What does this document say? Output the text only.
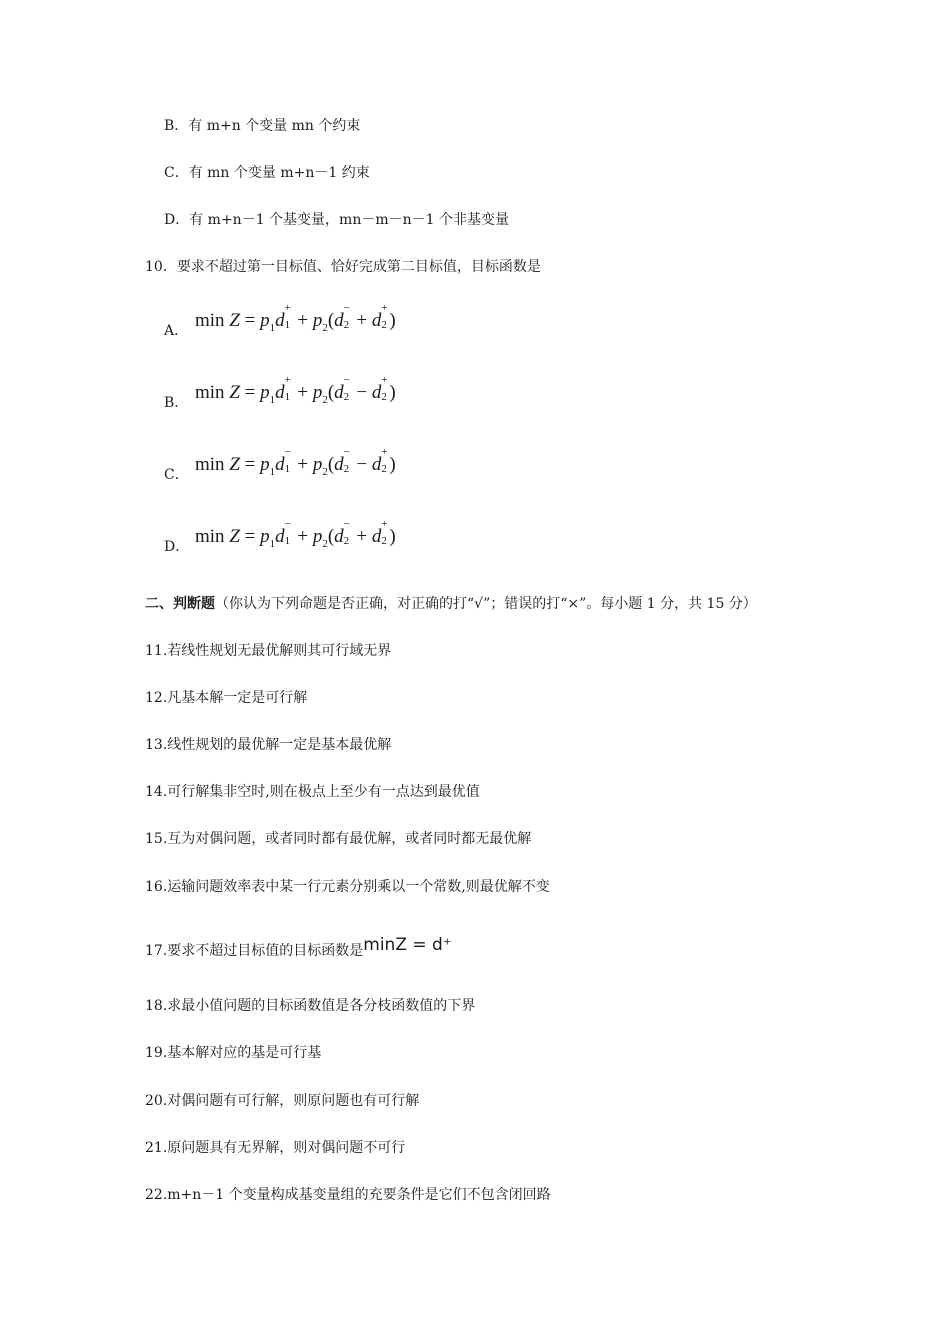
B．有 m+n 个变量 mn 个约束
C．有 mn 个变量 m+n－1 约束
D．有 m+n－1 个基变量，mn－m－n－1 个非基变量
10．要求不超过第一目标值、恰好完成第二目标值，目标函数是
A． $\min Z = p_1d$
+
$1 + p_2(d$
−
2 + d
+
2 )
B． $\min Z = p_1d$
+
$1 + p_2(d$
−
2 − d
+
2 )
C． $\min Z = p_1d$
−
$1 + p_2(d$
−
2 − d
+
2 )
D． $\min Z = p_1d$
−
$1 + p_2(d$
−
2 + d
+
2 )
二、判断题（你认为下列命题是否正确，对正确的打“√”；错误的打“×”。每小题 1 分，共 15 分）
11.若线性规划无最优解则其可行域无界
12.凡基本解一定是可行解
13.线性规划的最优解一定是基本最优解
14.可行解集非空时,则在极点上至少有一点达到最优值
15.互为对偶问题，或者同时都有最优解，或者同时都无最优解
16.运输问题效率表中某一行元素分别乘以一个常数,则最优解不变
17.要求不超过目标值的目标函数是minZ = d⁺
18.求最小值问题的目标函数值是各分枝函数值的下界
19.基本解对应的基是可行基
20.对偶问题有可行解，则原问题也有可行解
21.原问题具有无界解，则对偶问题不可行
22.m+n－1 个变量构成基变量组的充要条件是它们不包含闭回路
